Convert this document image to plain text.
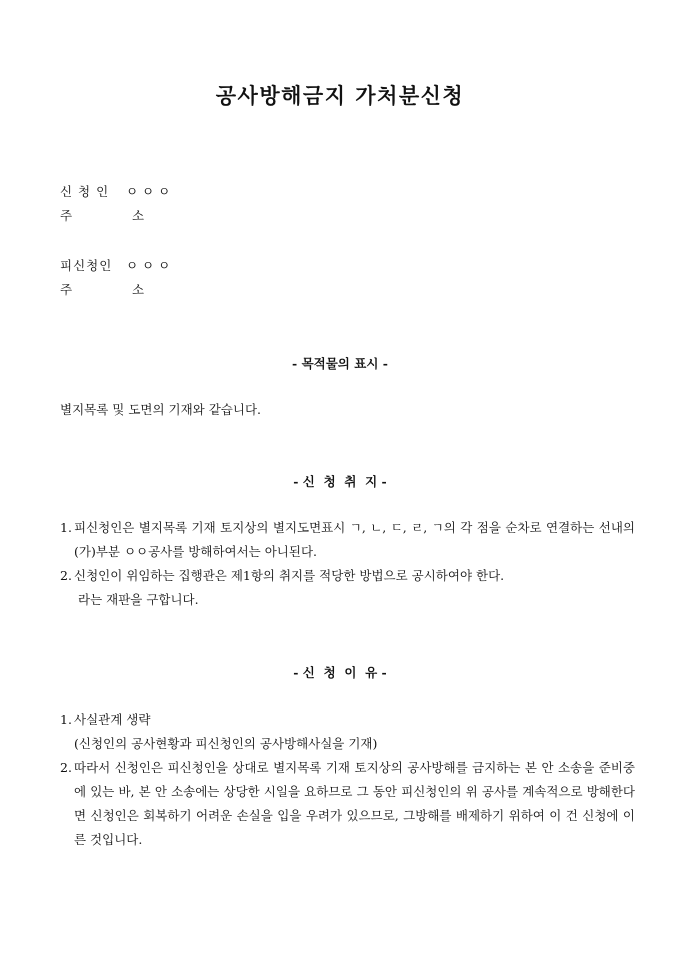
공사방해금지 가처분신청
신 청 인 ㅇ ㅇ ㅇ
주 소
피신청인 ㅇ ㅇ ㅇ
주 소
- 목적물의 표시 -
별지목록 및 도면의 기재와 같습니다.
- 신  청  취  지 -
1. 피신청인은 별지목록 기재 토지상의 별지도면표시 ㄱ, ㄴ, ㄷ, ㄹ, ㄱ의 각 점을 순차로 연결하는 선내의 (가)부분 ㅇㅇ공사를 방해하여서는 아니된다.
2. 신청인이 위임하는 집행관은 제1항의 취지를 적당한 방법으로 공시하여야 한다.
라는 재판을 구합니다.
- 신  청  이  유 -
1. 사실관계 생략
(신청인의 공사현황과 피신청인의 공사방해사실을 기재)
2. 따라서 신청인은 피신청인을 상대로 별지목록 기재 토지상의 공사방해를 금지하는 본 안 소송을 준비중에 있는 바, 본 안 소송에는 상당한 시일을 요하므로 그 동안 피신청인의 위 공사를 계속적으로 방해한다면 신청인은 회복하기 어려운 손실을 입을 우려가 있으므로, 그방해를 배제하기 위하여 이 건 신청에 이른 것입니다.
